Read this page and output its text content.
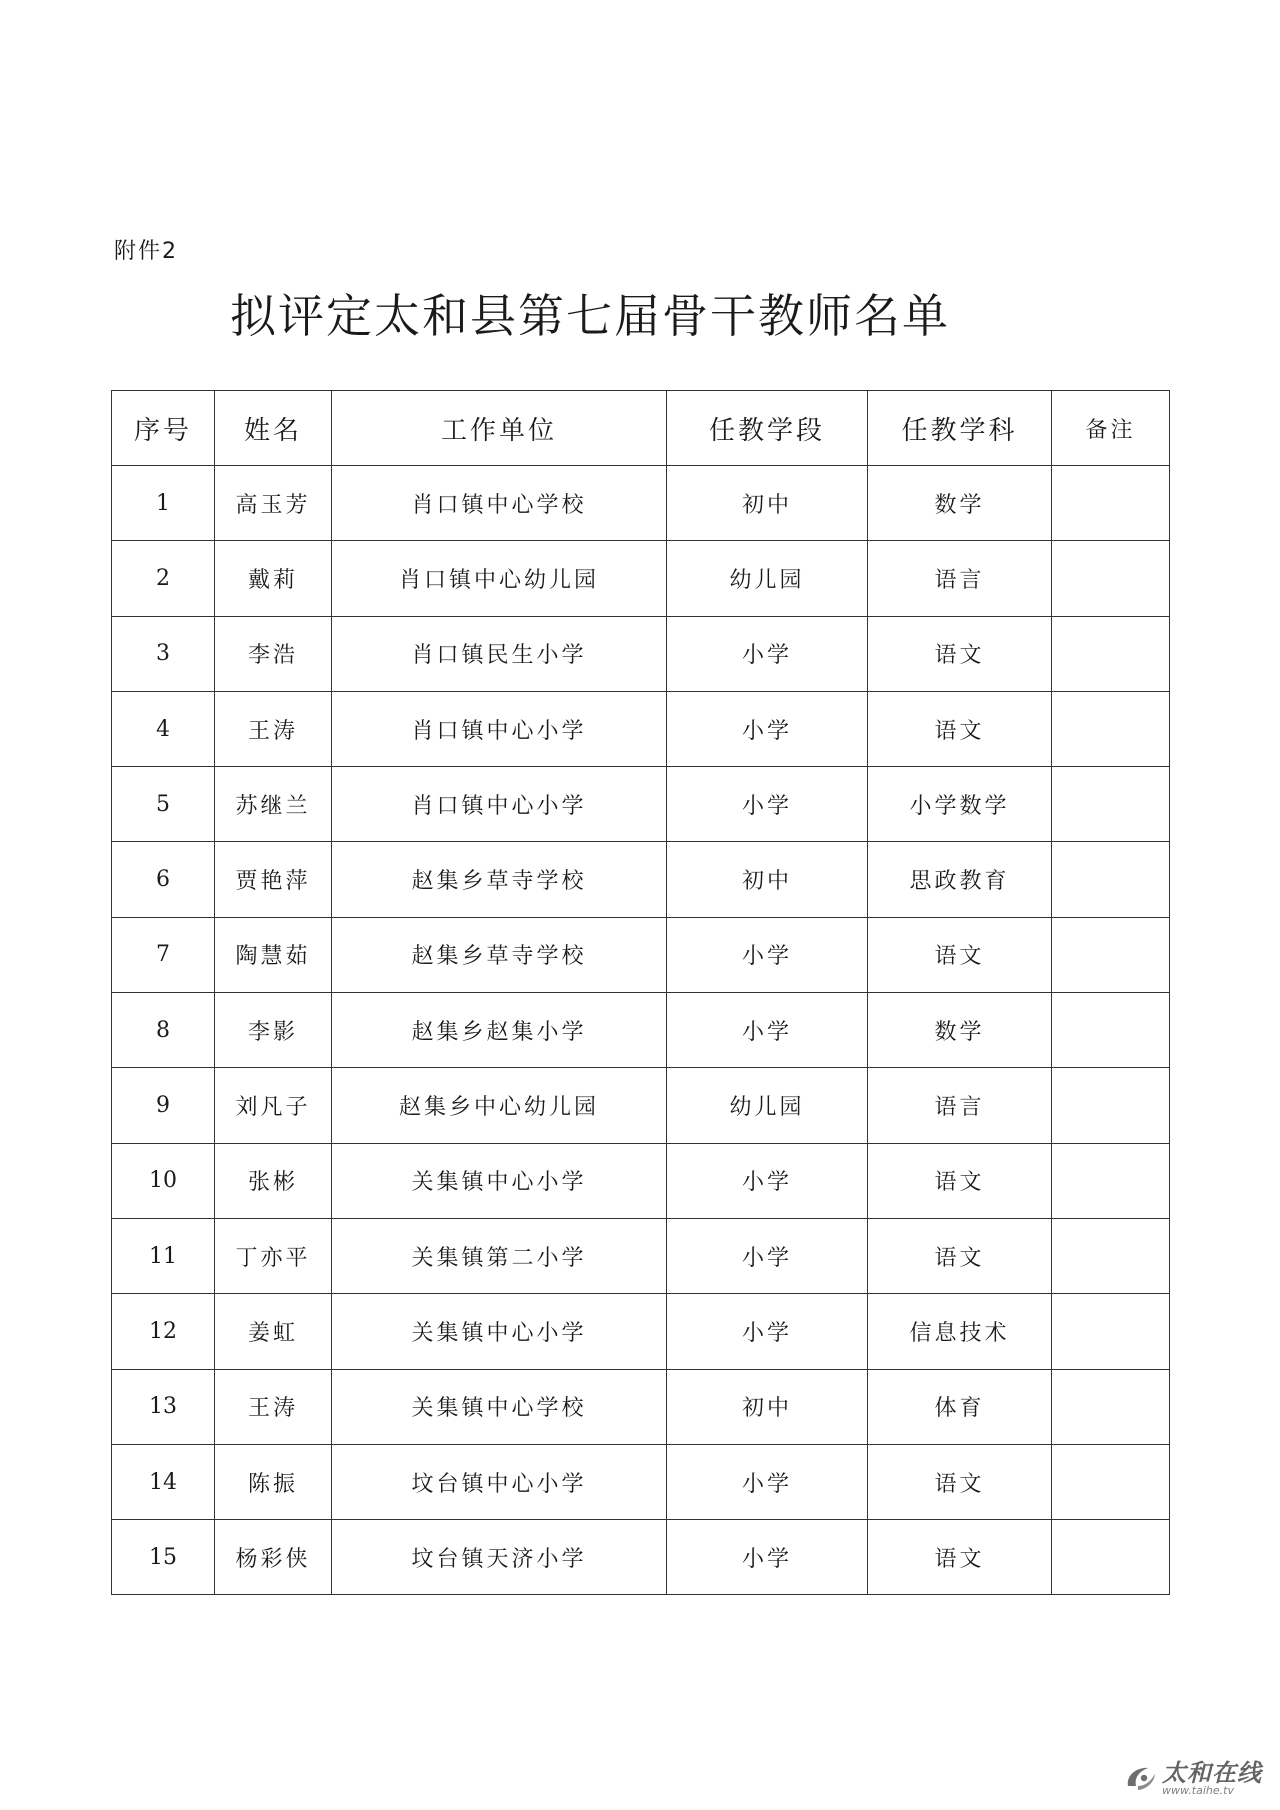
附件2
拟评定太和县第七届骨干教师名单
序号	姓名	工作单位	任教学段	任教学科	备注
1	高玉芳	肖口镇中心学校	初中	数学	
2	戴莉	肖口镇中心幼儿园	幼儿园	语言	
3	李浩	肖口镇民生小学	小学	语文	
4	王涛	肖口镇中心小学	小学	语文	
5	苏继兰	肖口镇中心小学	小学	小学数学	
6	贾艳萍	赵集乡草寺学校	初中	思政教育	
7	陶慧茹	赵集乡草寺学校	小学	语文	
8	李影	赵集乡赵集小学	小学	数学	
9	刘凡子	赵集乡中心幼儿园	幼儿园	语言	
10	张彬	关集镇中心小学	小学	语文	
11	丁亦平	关集镇第二小学	小学	语文	
12	姜虹	关集镇中心小学	小学	信息技术	
13	王涛	关集镇中心学校	初中	体育	
14	陈振	坟台镇中心小学	小学	语文	
15	杨彩侠	坟台镇天济小学	小学	语文	
太和在线
www.taihe.tv
